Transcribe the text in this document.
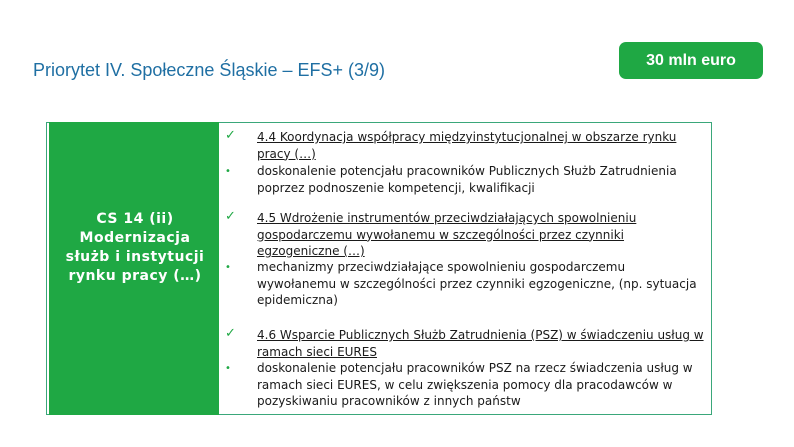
Priorytet IV. Społeczne Śląskie – EFS+ (3/9)	30 mln euro
CS 14 (ii) Modernizacja służb i instytucji rynku pracy (…)
✓ 4.4 Koordynacja współpracy międzyinstytucjonalnej w obszarze rynku pracy (…)
•	doskonalenie potencjału pracowników Publicznych Służb Zatrudnienia poprzez podnoszenie kompetencji, kwalifikacji
✓ 4.5 Wdrożenie instrumentów przeciwdziałających spowolnieniu gospodarczemu wywołanemu w szczególności przez czynniki egzogeniczne (…)
•	mechanizmy przeciwdziałające spowolnieniu gospodarczemu wywołanemu w szczególności przez czynniki egzogeniczne, (np. sytuacja epidemiczna)
✓ 4.6 Wsparcie Publicznych Służb Zatrudnienia (PSZ) w świadczeniu usług w ramach sieci EURES
•	doskonalenie potencjału pracowników PSZ na rzecz świadczenia usług w ramach sieci EURES, w celu zwiększenia pomocy dla pracodawców w pozyskiwaniu pracowników z innych państw
